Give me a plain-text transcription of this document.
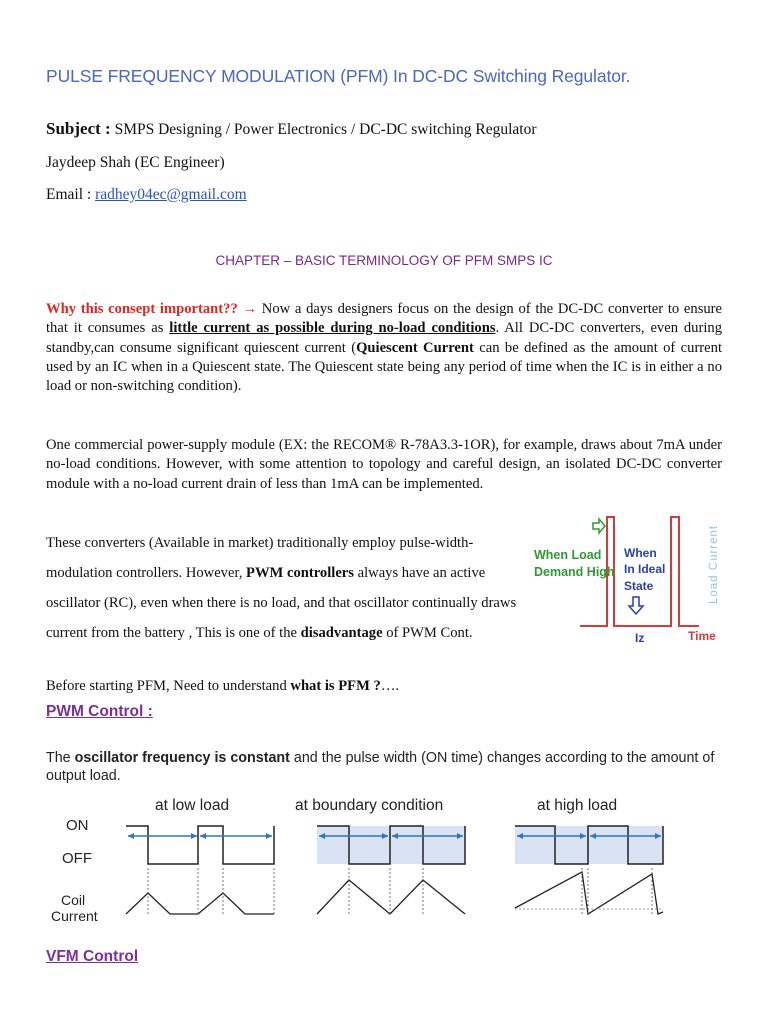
PULSE FREQUENCY MODULATION (PFM) In DC-DC Switching Regulator.
Subject : SMPS Designing / Power Electronics / DC-DC switching Regulator
Jaydeep Shah (EC Engineer)
Email : radhey04ec@gmail.com
CHAPTER – BASIC TERMINOLOGY OF PFM SMPS IC
Why this consept important?? → Now a days designers focus on the design of the DC-DC converter to ensure that it consumes as little current as possible during no-load conditions. All DC-DC converters, even during standby,can consume significant quiescent current (Quiescent Current can be defined as the amount of current used by an IC when in a Quiescent state. The Quiescent state being any period of time when the IC is in either a no load or non-switching condition).
One commercial power-supply module (EX: the RECOM® R-78A3.3-1OR), for example, draws about 7mA under no-load conditions. However, with some attention to topology and careful design, an isolated DC-DC converter module with a no-load current drain of less than 1mA can be implemented.
These converters (Available in market) traditionally employ pulse-width-modulation controllers. However, PWM controllers always have an active oscillator (RC), even when there is no load, and that oscillator continually draws current from the battery , This is one of the disadvantage of PWM Cont.
When Load
Demand High
When
In Ideal
State
Iz	Time
Load Current
Before starting PFM, Need to understand what is PFM ?….
PWM Control :
The oscillator frequency is constant and the pulse width (ON time) changes according to the amount of output load.
at low load	at boundary condition	at high load
ON
OFF
Coil
Current
VFM Control
